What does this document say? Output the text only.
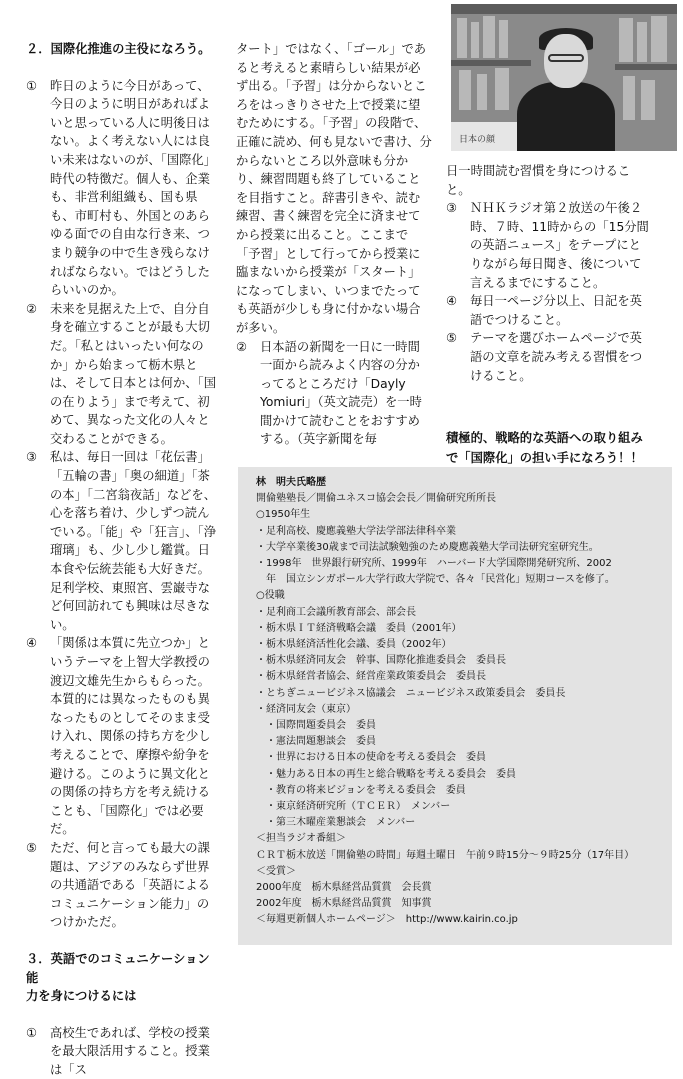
２．国際化推進の主役になろう。

① 昨日のように今日があって、今日のように明日があればよいと思っている人に明後日はない。よく考えない人には良い未来はないのが、「国際化」時代の特徴だ。個人も、企業も、非営利組織も、国も県も、市町村も、外国とのあらゆる面での自由な行き来、つまり競争の中で生き残らなければならない。ではどうしたらいいのか。

② 未来を見据えた上で、自分自身を確立することが最も大切だ。「私とはいったい何なのか」から始まって栃木県とは、そして日本とは何か、「国の在りよう」まで考えて、初めて、異なった文化の人々と交わることができる。

③ 私は、毎日一回は「花伝書」「五輪の書」「奥の細道」「茶の本」「二宮翁夜話」などを、心を落ち着け、少しずつ読んでいる。「能」や「狂言」、「浄瑠璃」も、少し少し鑑賞。日本食や伝統芸能も大好きだ。足利学校、東照宮、雲巌寺など何回訪れても興味は尽きない。

④ 「関係は本質に先立つか」というテーマを上智大学教授の渡辺文雄先生からもらった。本質的には異なったものも異なったものとしてそのまま受け入れ、関係の持ち方を少し考えることで、摩擦や紛争を避ける。このように異文化との関係の持ち方を考え続けることも、「国際化」では必要だ。

⑤ ただ、何と言っても最大の課題は、アジアのみならず世界の共通語である「英語によるコミュニケーション能力」のつけかただ。

３．英語でのコミュニケーション能
力を身につけるには

① 高校生であれば、学校の授業を最大限活用すること。授業は「ス

タート」ではなく、「ゴール」であると考えると素晴らしい結果が必ず出る。「予習」は分からないところをはっきりさせた上で授業に望むためにする。「予習」の段階で、正確に読め、何も見ないで書け、分からないところ以外意味も分かり、練習問題も終了していることを目指すこと。辞書引きや、読む練習、書く練習を完全に済ませてから授業に出ること。ここまで「予習」として行ってから授業に臨まないから授業が「スタート」になってしまい、いつまでたっても英語が少しも身に付かない場合が多い。

② 日本語の新聞を一日に一時間一面から読みよく内容の分かってるところだけ「Dayly Yomiuri」（英文読売）を一時間かけて読むことをおすすめする。（英字新聞を毎

日本の顔

日一時間読む習慣を身につけること。

③ ＮＨＫラジオ第２放送の午後２時、７時、11時からの「15分間の英語ニュース」をテープにとりながら毎日聞き、後について言えるまでにすること。

④ 毎日一ページ分以上、日記を英語でつけること。

⑤ テーマを選びホームページで英語の文章を読み考える習慣をつけること。

積極的、戦略的な英語への取り組み
で「国際化」の担い手になろう！！

林　明夫氏略歴

開倫塾塾長／開倫ユネスコ協会会長／開倫研究所所長

○1950年生

・足利高校、慶應義塾大学法学部法律科卒業

・大学卒業後30歳まで司法試験勉強のため慶應義塾大学司法研究室研究生。

・1998年　世界銀行研究所、1999年　ハーバード大学国際開発研究所、2002

　年　国立シンガポール大学行政大学院で、各々「民営化」短期コースを修了。

○役職

・足利商工会議所教育部会、部会長

・栃木県ＩＴ経済戦略会議　委員（2001年）

・栃木県経済活性化会議、委員（2002年）

・栃木県経済同友会　幹事、国際化推進委員会　委員長

・栃木県経営者協会、経営産業政策委員会　委員長

・とちぎニュービジネス協議会　ニュービジネス政策委員会　委員長

・経済同友会（東京）

　・国際問題委員会　委員

　・憲法問題懇談会　委員

　・世界における日本の使命を考える委員会　委員

　・魅力ある日本の再生と総合戦略を考える委員会　委員

　・教育の将来ビジョンを考える委員会　委員

　・東京経済研究所（ＴＣＥＲ）　メンバー

　・第三木曜産業懇談会　メンバー

＜担当ラジオ番組＞

ＣＲＴ栃木放送「開倫塾の時間」毎週土曜日　午前９時15分〜９時25分（17年目）

＜受賞＞

2000年度　栃木県経営品質賞　会長賞

2002年度　栃木県経営品質賞　知事賞

＜毎週更新個人ホームページ＞　http://www.kairin.co.jp
